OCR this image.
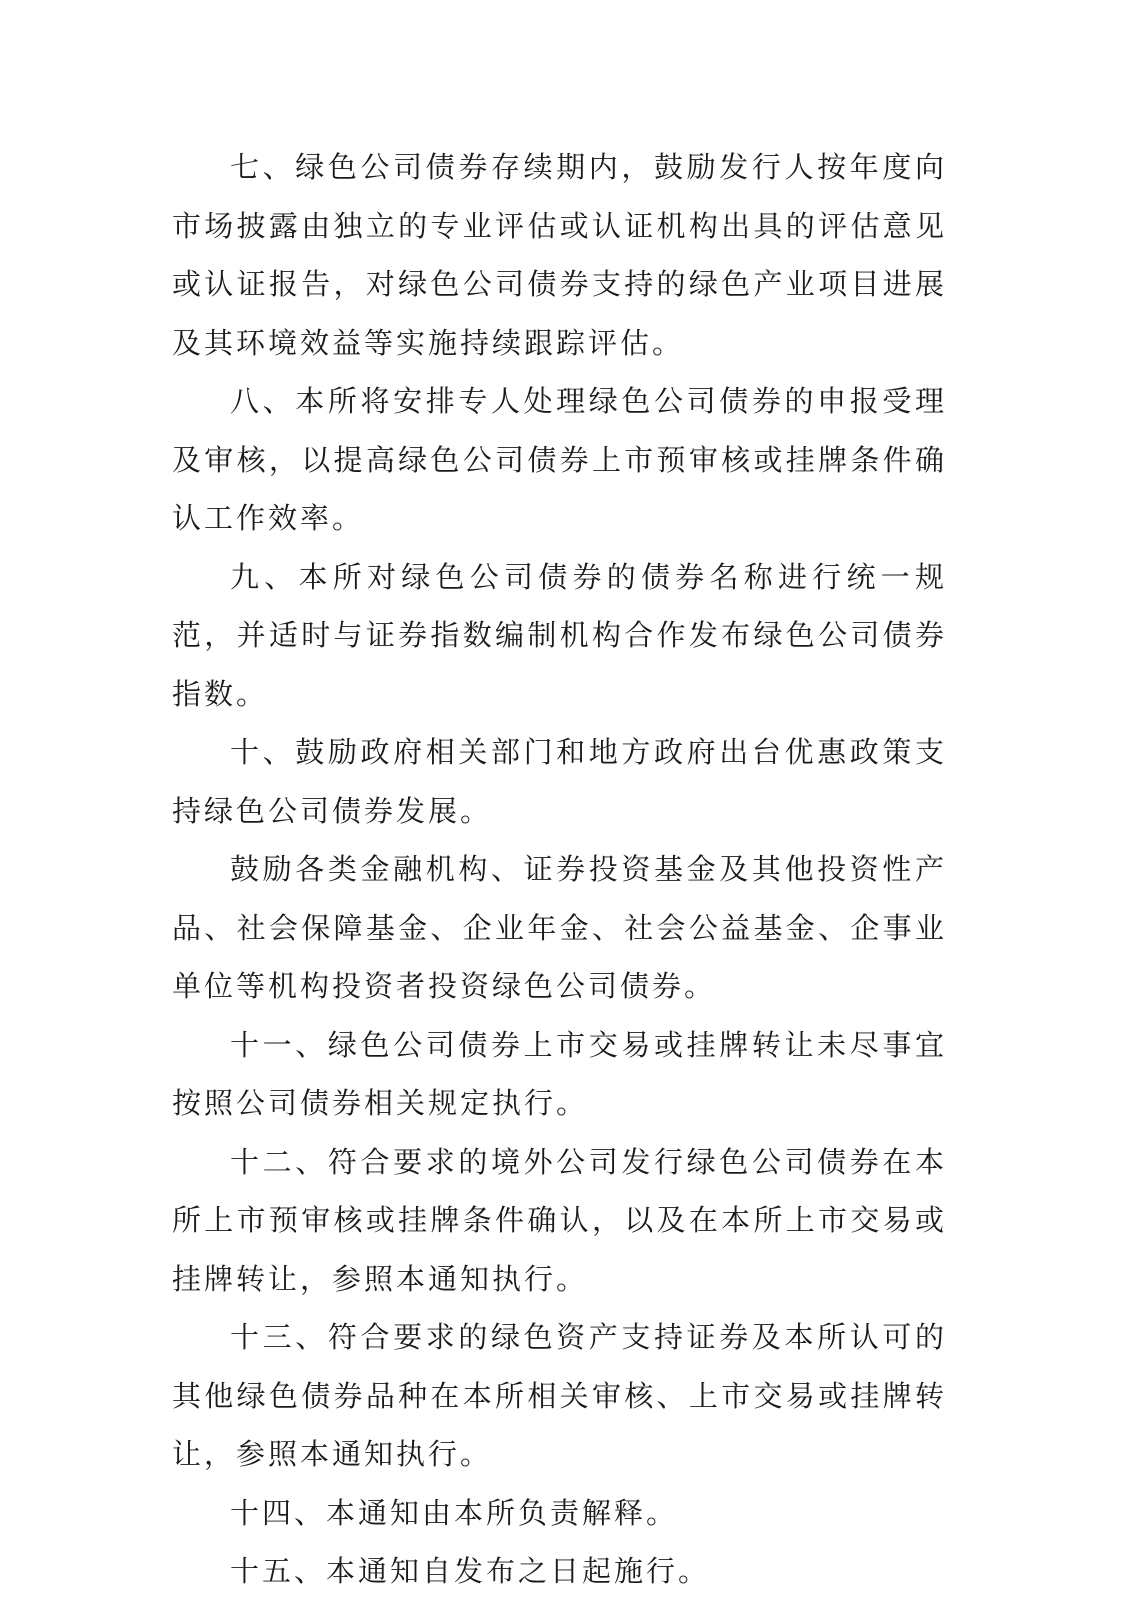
七、绿色公司债券存续期内，鼓励发行人按年度向市场披露由独立的专业评估或认证机构出具的评估意见或认证报告，对绿色公司债券支持的绿色产业项目进展及其环境效益等实施持续跟踪评估。

八、本所将安排专人处理绿色公司债券的申报受理及审核，以提高绿色公司债券上市预审核或挂牌条件确认工作效率。

九、本所对绿色公司债券的债券名称进行统一规范，并适时与证券指数编制机构合作发布绿色公司债券指数。

十、鼓励政府相关部门和地方政府出台优惠政策支持绿色公司债券发展。

鼓励各类金融机构、证券投资基金及其他投资性产品、社会保障基金、企业年金、社会公益基金、企事业单位等机构投资者投资绿色公司债券。

十一、绿色公司债券上市交易或挂牌转让未尽事宜按照公司债券相关规定执行。

十二、符合要求的境外公司发行绿色公司债券在本所上市预审核或挂牌条件确认，以及在本所上市交易或挂牌转让，参照本通知执行。

十三、符合要求的绿色资产支持证券及本所认可的其他绿色债券品种在本所相关审核、上市交易或挂牌转让，参照本通知执行。

十四、本通知由本所负责解释。

十五、本通知自发布之日起施行。
